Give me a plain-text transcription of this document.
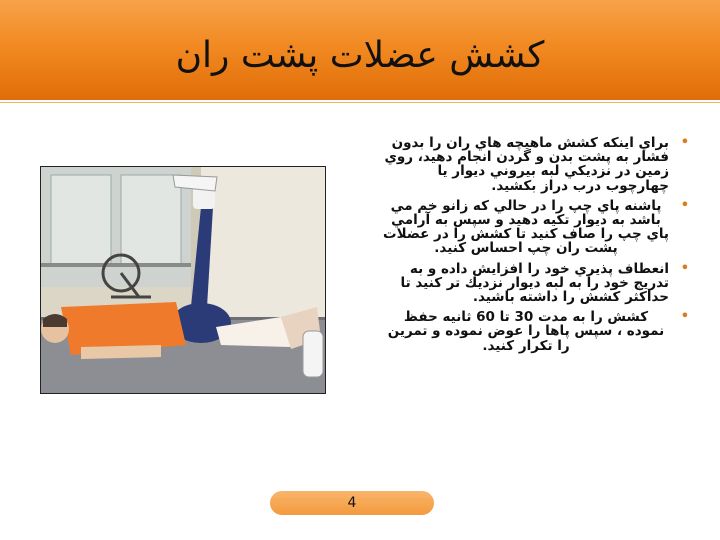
کشش عضلات پشت ران
•
براي اينكه كشش ماهيچه هاي ران را بدون فشار به پشت بدن و گردن انجام دهيد، روي زمين در نزديكي لبه بيروني ديوار يا چهارچوب درب دراز بكشيد.
•
پاشنه پاي چپ را در حالي كه زانو خم مي باشد به ديوار تكيه دهيد و سپس به آرامي پاي چپ را صاف كنيد تا كشش را در عضلات پشت ران چپ احساس كنيد.
•
انعطاف پذيري خود را افزايش داده و به تدريج خود را به لبه ديوار نزديك تر كنيد تا حداكثر كشش را داشته باشيد.
•
كشش را به مدت 30 تا 60 ثانيه حفظ نموده ، سپس پاها را عوض نموده و تمرين را تكرار كنيد.
4
